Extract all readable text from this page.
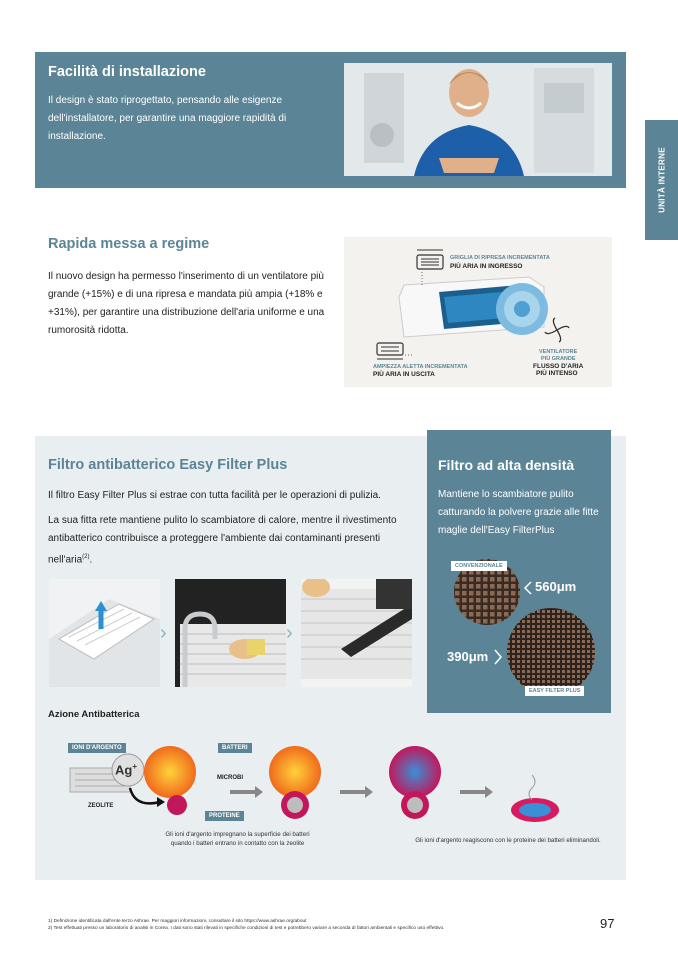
Facilità di installazione

Il design è stato riprogettato, pensando alle esigenze dell'installatore, per garantire una maggiore rapidità di installazione.

UNITÀ INTERNE
Rapida messa a regime

Il nuovo design ha permesso l'inserimento di un ventilatore più grande (+15%) e di una ripresa e mandata più ampia (+18% e +31%), per garantire una distribuzione dell'aria uniforme e una rumorosità ridotta.

GRIGLIA DI RIPRESA INCREMENTATA
PIÙ ARIA IN INGRESSO
VENTILATORE
PIÙ GRANDE
FLUSSO D'ARIA
PIÙ INTENSO
AMPIEZZA ALETTA INCREMENTATA
PIÙ ARIA IN USCITA
Filtro antibatterico Easy Filter Plus

Il filtro Easy Filter Plus si estrae con tutta facilità per le operazioni di pulizia.

La sua fitta rete mantiene pulito lo scambiatore di calore, mentre il rivestimento antibatterico contribuisce a proteggere l'ambiente dai contaminanti presenti nell'aria$^{(2)}$.

Filtro ad alta densità

Mantiene lo scambiatore pulito catturando la polvere grazie alle fitte maglie dell'Easy FilterPlus

CONVENZIONALE
560μm
390μm
EASY FILTER PLUS
›	›
Azione Antibatterica
IONI D'ARGENTO	BATTERI
Ag+
ZEOLITE
MICROBI
PROTEINE
Gli ioni d'argento impregnano la superficie dei batteri quando i batteri entrano in contatto con la zeolite	Gli ioni d'argento reagiscono con le proteine dei batteri eliminandoli.
1) Definizione identificata dall'ente terzo Ashrae. Per maggiori informazioni, consultare il sito https://www.ashrae.org/about
2) Test effettuati presso un laboratorio di analisi in Corea. I dati sono stati rilevati in specifiche condizioni di test e potrebbero variare a seconda di fattori ambientali e specifico uso effettivo.	97
